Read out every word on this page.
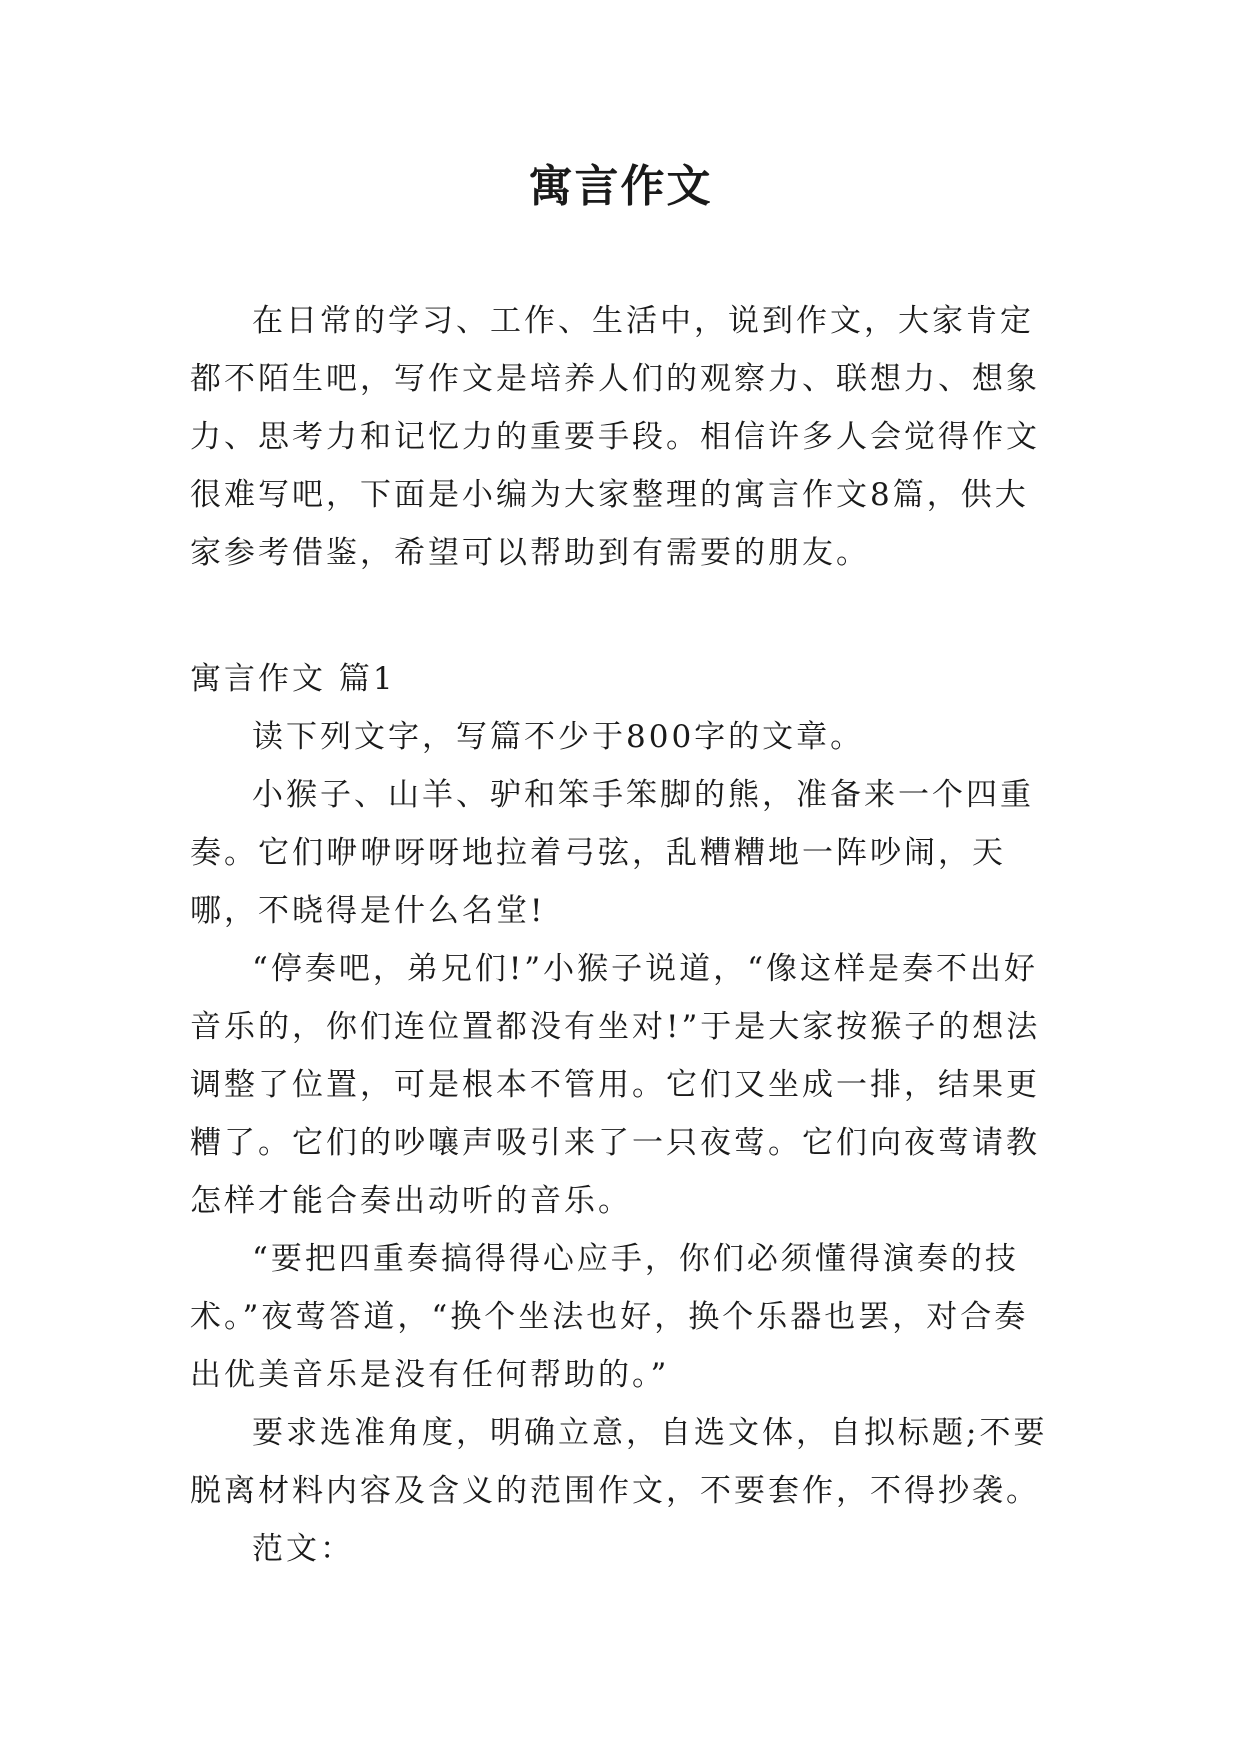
寓言作文

在日常的学习、工作、生活中，说到作文，大家肯定都不陌生吧，写作文是培养人们的观察力、联想力、想象力、思考力和记忆力的重要手段。相信许多人会觉得作文很难写吧，下面是小编为大家整理的寓言作文8篇，供大家参考借鉴，希望可以帮助到有需要的朋友。

寓言作文 篇1

读下列文字，写篇不少于800字的文章。

小猴子、山羊、驴和笨手笨脚的熊，准备来一个四重奏。它们咿咿呀呀地拉着弓弦，乱糟糟地一阵吵闹，天哪，不晓得是什么名堂!

“停奏吧，弟兄们!”小猴子说道，“像这样是奏不出好音乐的，你们连位置都没有坐对!”于是大家按猴子的想法调整了位置，可是根本不管用。它们又坐成一排，结果更糟了。它们的吵嚷声吸引来了一只夜莺。它们向夜莺请教怎样才能合奏出动听的音乐。

“要把四重奏搞得得心应手，你们必须懂得演奏的技术。”夜莺答道，“换个坐法也好，换个乐器也罢，对合奏出优美音乐是没有任何帮助的。”

要求选准角度，明确立意，自选文体，自拟标题;不要脱离材料内容及含义的范围作文，不要套作，不得抄袭。

范文：
